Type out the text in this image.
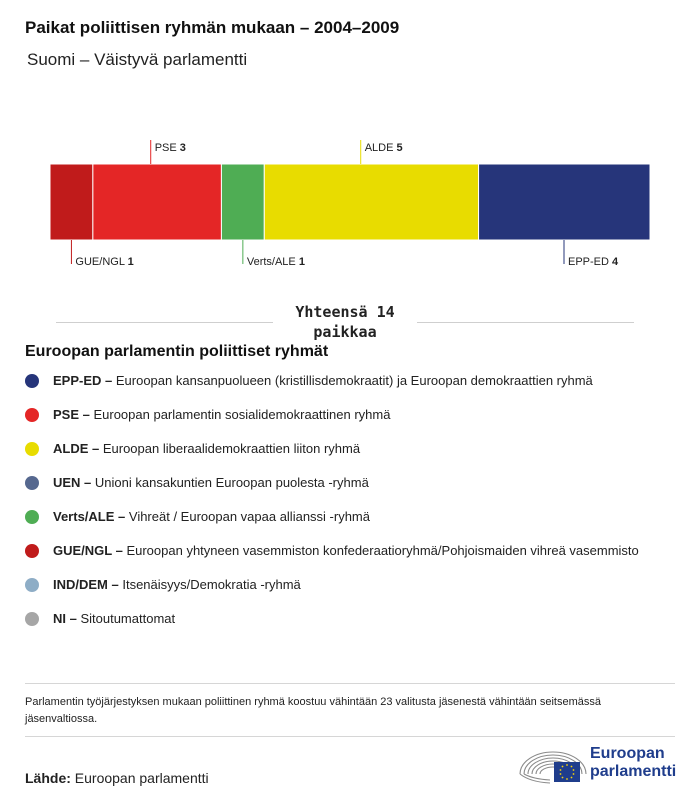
Paikat poliittisen ryhmän mukaan – 2004–2009
Suomi – Väistyvä parlamentti
GUE/NGL 1
PSE 3
Verts/ALE 1
ALDE 5
EPP-ED 4
Yhteensä 14
paikkaa
Euroopan parlamentin poliittiset ryhmät
EPP-ED – Euroopan kansanpuolueen (kristillisdemokraatit) ja Euroopan demokraattien ryhmä
PSE – Euroopan parlamentin sosialidemokraattinen ryhmä
ALDE – Euroopan liberaalidemokraattien liiton ryhmä
UEN – Unioni kansakuntien Euroopan puolesta -ryhmä
Verts/ALE – Vihreät / Euroopan vapaa allianssi -ryhmä
GUE/NGL – Euroopan yhtyneen vasemmiston konfederaatioryhmä/Pohjoismaiden vihreä vasemmisto
IND/DEM – Itsenäisyys/Demokratia -ryhmä
NI – Sitoutumattomat
Parlamentin työjärjestyksen mukaan poliittinen ryhmä koostuu vähintään 23 valitusta jäsenestä vähintään seitsemässä jäsenvaltiossa.
Lähde: Euroopan parlamentti
Euroopan
parlamentti
